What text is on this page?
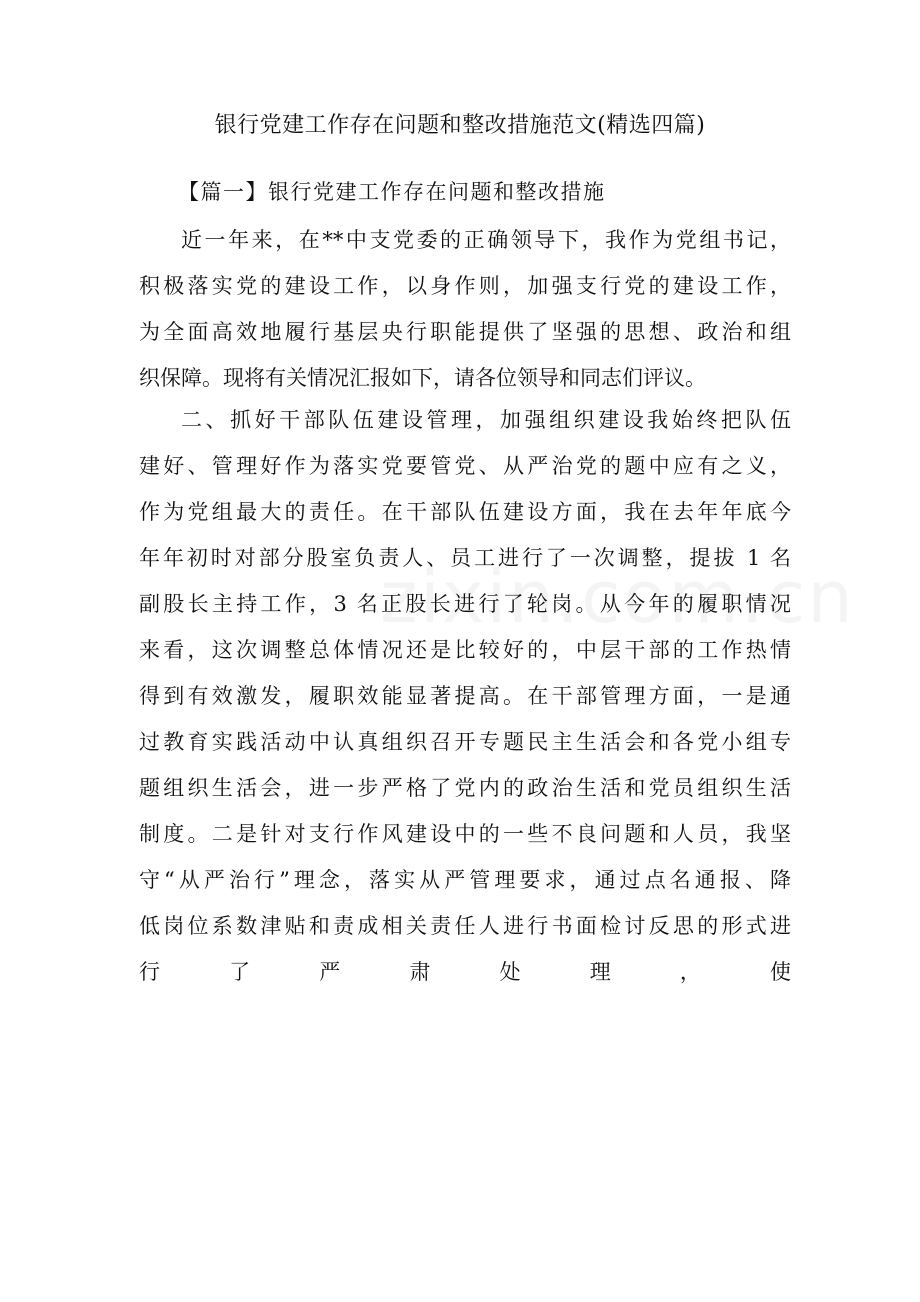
银行党建工作存在问题和整改措施范文(精选四篇)
【篇一】银行党建工作存在问题和整改措施
近一年来，在**中支党委的正确领导下，我作为党组书记，
积极落实党的建设工作，以身作则，加强支行党的建设工作，
为全面高效地履行基层央行职能提供了坚强的思想、政治和组
织保障。现将有关情况汇报如下，请各位领导和同志们评议。
二、抓好干部队伍建设管理，加强组织建设我始终把队伍
建好、管理好作为落实党要管党、从严治党的题中应有之义，
作为党组最大的责任。在干部队伍建设方面，我在去年年底今
年年初时对部分股室负责人、员工进行了一次调整，提拔 1 名
副股长主持工作，3 名正股长进行了轮岗。从今年的履职情况
来看，这次调整总体情况还是比较好的，中层干部的工作热情
得到有效激发，履职效能显著提高。在干部管理方面，一是通
过教育实践活动中认真组织召开专题民主生活会和各党小组专
题组织生活会，进一步严格了党内的政治生活和党员组织生活
制度。二是针对支行作风建设中的一些不良问题和人员，我坚
守“从严治行”理念，落实从严管理要求，通过点名通报、降
低岗位系数津贴和责成相关责任人进行书面检讨反思的形式进
行 了 严 肃 处 理 ， 使
